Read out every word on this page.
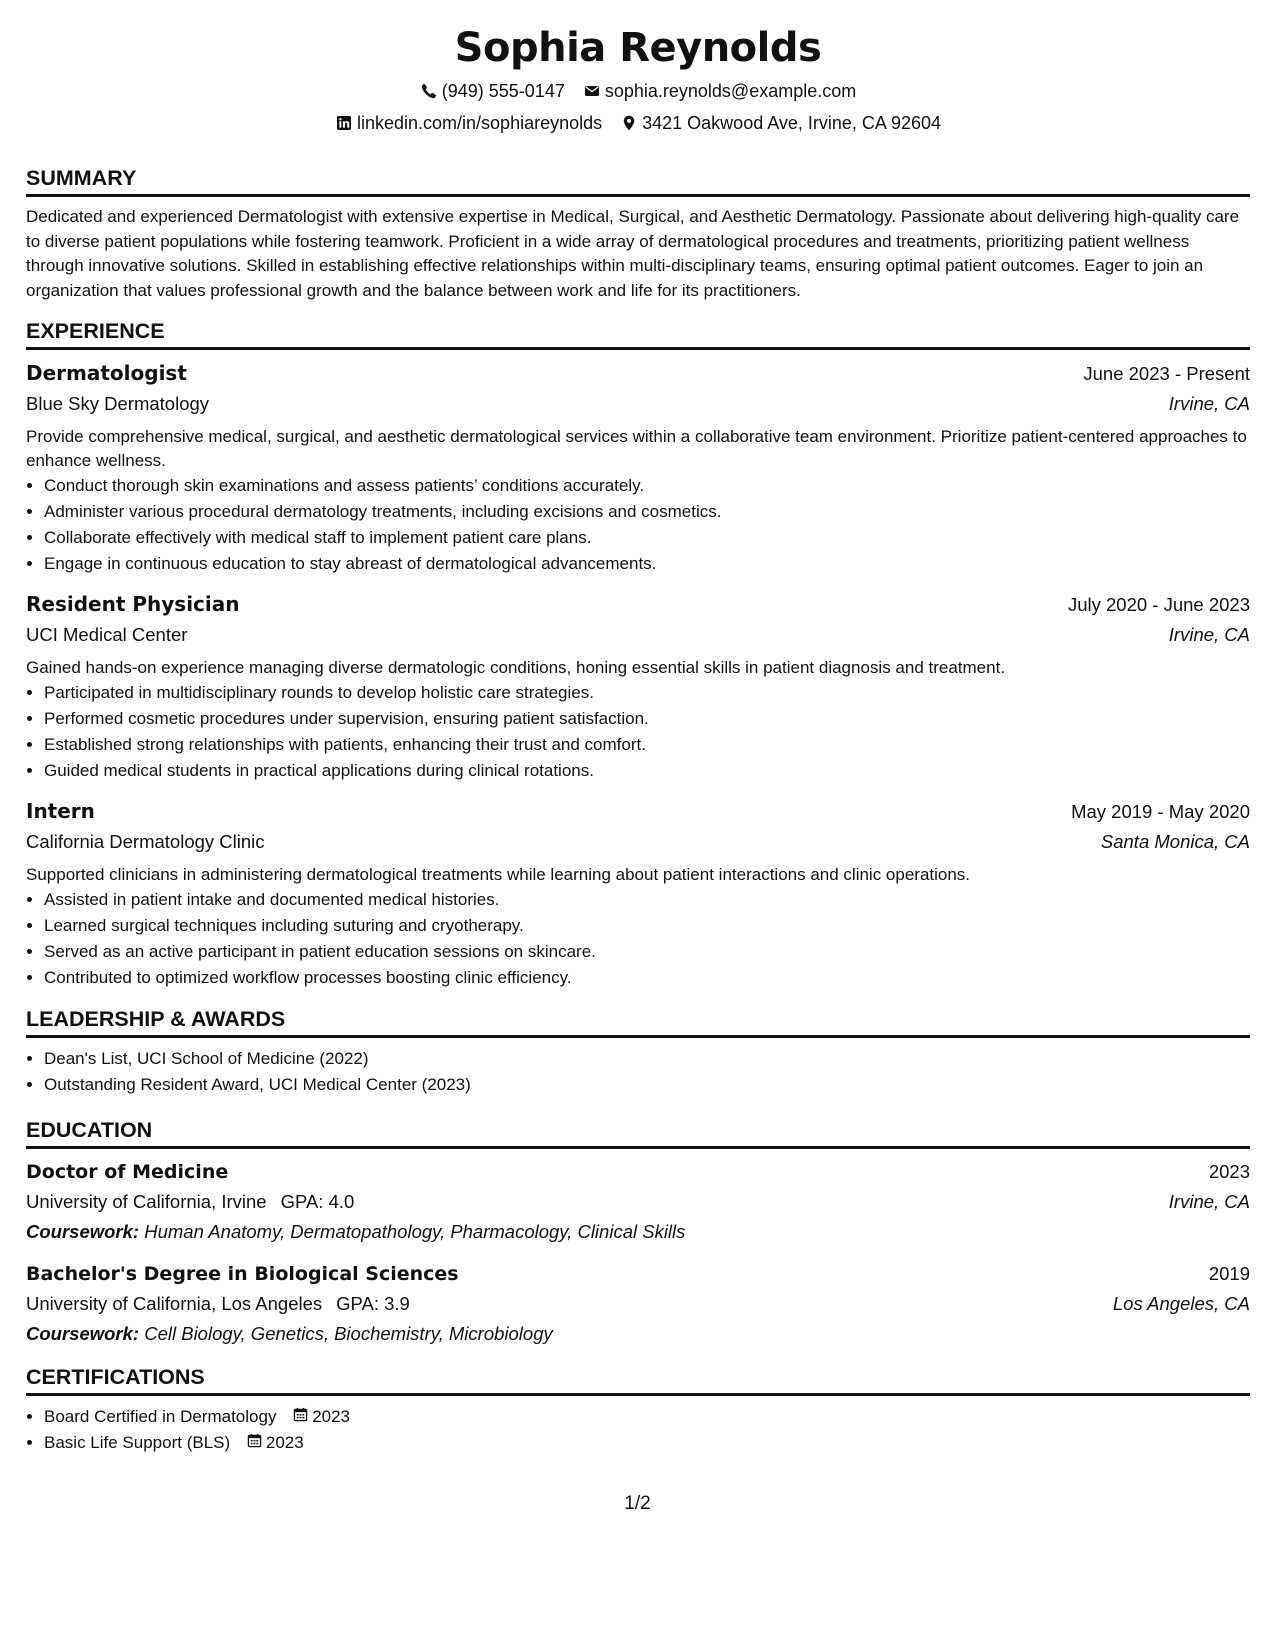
Sophia Reynolds
(949) 555-0147 sophia.reynolds@example.com
linkedin.com/in/sophiareynolds 3421 Oakwood Ave, Irvine, CA 92604
SUMMARY

Dedicated and experienced Dermatologist with extensive expertise in Medical, Surgical, and Aesthetic Dermatology. Passionate about delivering high-quality care to diverse patient populations while fostering teamwork. Proficient in a wide array of dermatological procedures and treatments, prioritizing patient wellness through innovative solutions. Skilled in establishing effective relationships within multi-disciplinary teams, ensuring optimal patient outcomes. Eager to join an organization that values professional growth and the balance between work and life for its practitioners.

EXPERIENCE
Dermatologist	June 2023 - Present
Blue Sky Dermatology	Irvine, CA

Provide comprehensive medical, surgical, and aesthetic dermatological services within a collaborative team environment. Prioritize patient-centered approaches to enhance wellness.

• Conduct thorough skin examinations and assess patients’ conditions accurately.
• Administer various procedural dermatology treatments, including excisions and cosmetics.
• Collaborate effectively with medical staff to implement patient care plans.
• Engage in continuous education to stay abreast of dermatological advancements.
Resident Physician	July 2020 - June 2023
UCI Medical Center	Irvine, CA

Gained hands-on experience managing diverse dermatologic conditions, honing essential skills in patient diagnosis and treatment.

• Participated in multidisciplinary rounds to develop holistic care strategies.
• Performed cosmetic procedures under supervision, ensuring patient satisfaction.
• Established strong relationships with patients, enhancing their trust and comfort.
• Guided medical students in practical applications during clinical rotations.
Intern	May 2019 - May 2020
California Dermatology Clinic	Santa Monica, CA

Supported clinicians in administering dermatological treatments while learning about patient interactions and clinic operations.

• Assisted in patient intake and documented medical histories.
• Learned surgical techniques including suturing and cryotherapy.
• Served as an active participant in patient education sessions on skincare.
• Contributed to optimized workflow processes boosting clinic efficiency.
LEADERSHIP & AWARDS
• Dean's List, UCI School of Medicine (2022)
• Outstanding Resident Award, UCI Medical Center (2023)
EDUCATION
Doctor of Medicine	2023
University of California, Irvine GPA: 4.0	Irvine, CA
Coursework: Human Anatomy, Dermatopathology, Pharmacology, Clinical Skills
Bachelor's Degree in Biological Sciences	2019
University of California, Los Angeles GPA: 3.9	Los Angeles, CA
Coursework: Cell Biology, Genetics, Biochemistry, Microbiology
CERTIFICATIONS
• Board Certified in Dermatology 2023
• Basic Life Support (BLS) 2023
1/2
